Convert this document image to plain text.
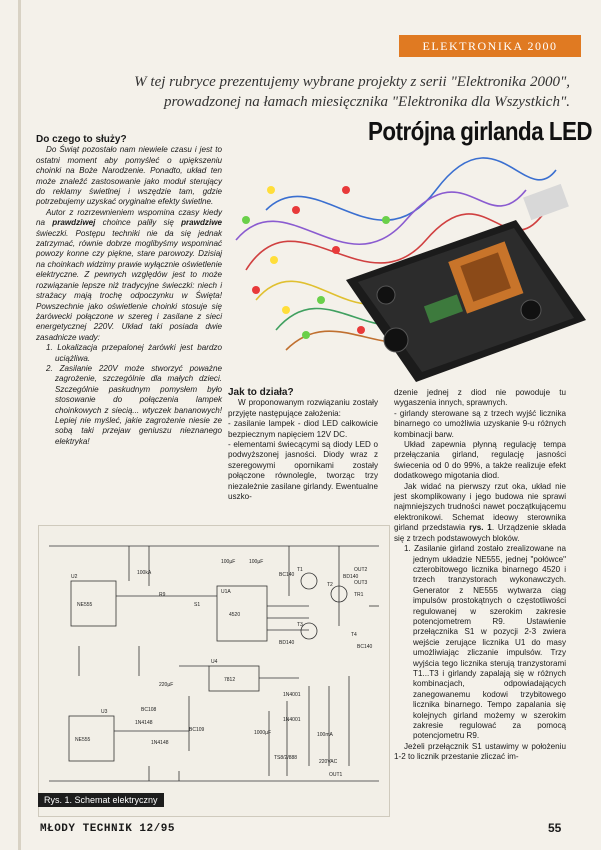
ELEKTRONIKA 2000
W tej rubryce prezentujemy wybrane projekty z serii "Elektronika 2000",
prowadzonej na łamach miesięcznika "Elektronika dla Wszystkich".
Potrójna girlanda LED

Do czego to służy?

Do Świąt pozostało nam niewiele czasu i jest to ostatni moment aby pomyśleć o upiększeniu choinki na Boże Narodzenie. Ponadto, układ ten może znaleźć zastosowanie jako moduł sterujący do reklamy świetlnej i wszędzie tam, gdzie potrzebujemy uzyskać oryginalne efekty świetlne.

Autor z rozrzewnieniem wspomina czasy kiedy na prawdziwej choince paliły się prawdziwe świeczki. Postępu techniki nie da się jednak zatrzymać, równie dobrze moglibyśmy wspominać powozy konne czy piękne, stare parowozy. Dzisiaj na choinkach widzimy prawie wyłącznie oświetlenie elektryczne. Z pewnych względów jest to może rozwiązanie lepsze niż tradycyjne świeczki: niech i strażacy mają trochę odpoczynku w Święta! Powszechnie jako oświetlenie choinki stosuje się żarówecki połączone w szereg i zasilane z sieci energetycznej 220V. Układ taki posiada dwie zasadnicze wady:

1. Lokalizacja przepalonej żarówki jest bardzo uciążliwa.
2. Zasilanie 220V może stworzyć poważne zagrożenie, szczególnie dla małych dzieci. Szczególnie paskudnym pomysłem było stosowanie do połączenia lampek choinkowych z siecią... wtyczek bananowych! Lepiej nie myśleć, jakie zagrożenie niesie ze sobą taki przejaw geniuszu nieznanego elektryka!

Jak to działa?

W proponowanym rozwiązaniu zostały przyjęte następujące założenia:

- zasilanie lampek - diod LED całkowicie bezpiecznym napięciem 12V DC.

- elementami świecącymi są diody LED o podwyższonej jasności. Diody wraz z szeregowymi opornikami zostały połączone równolegle, tworząc trzy niezależnie zasilane girlandy. Ewentualne uszko-

dzenie jednej z diod nie powoduje tu wygaszenia innych, sprawnych.

- girlandy sterowane są z trzech wyjść licznika binarnego co umożliwia uzyskanie 9-u różnych kombinacji barw.

Układ zapewnia płynną regulację tempa przełączania girland, regulację jasności świecenia od 0 do 99%, a także realizuje efekt dodatkowego migotania diod.

Jak widać na pierwszy rzut oka, układ nie jest skomplikowany i jego budowa nie sprawi najmniejszych trudności nawet początkującemu elektronikowi. Schemat ideowy sterownika girland przedstawia rys. 1. Urządzenie składa się z trzech podstawowych bloków.

1. Zasilanie girland zostało zrealizowane na jednym układzie NE555, jednej "połówce" czterobitowego licznika binarnego 4520 i trzech tranzystorach wykonawczych. Generator z NE555 wytwarza ciąg impulsów prostokątnych o częstotliwości regulowanej w szerokim zakresie potencjometrem R9. Ustawienie przełącznika S1 w pozycji 2-3 zwiera wejście zerujące licznika U1 do masy umożliwiając zliczanie impulsów. Trzy wyjścia tego licznika sterują tranzystorami T1...T3 i girlandy zapalają się w różnych kombinacjach, odpowiadających zanegowanemu kodowi trzybitowego licznika binarnego. Tempo zapalania się kolejnych girland możemy w szerokim zakresie regulować za pomocą potencjometru R9.

Jeżeli przełącznik S1 ustawimy w położeniu 1-2 to licznik przestanie zliczać im-

NE555
NE555
4520
7812
U1A
U2
U3
U4
T1
T2
T3
T4
BC140	BD140
BD140
BC140
BC109
BC108
R9
100kA
220µF
100µF	100µF
1000µF
TS8/2/888
100mA
220VAC
OUT1
OUT2
OUT3
TR1
S1
1N4001
1N4001
1N4148
1N4148
Rys. 1. Schemat elektryczny
MŁODY TECHNIK 12/95	55
